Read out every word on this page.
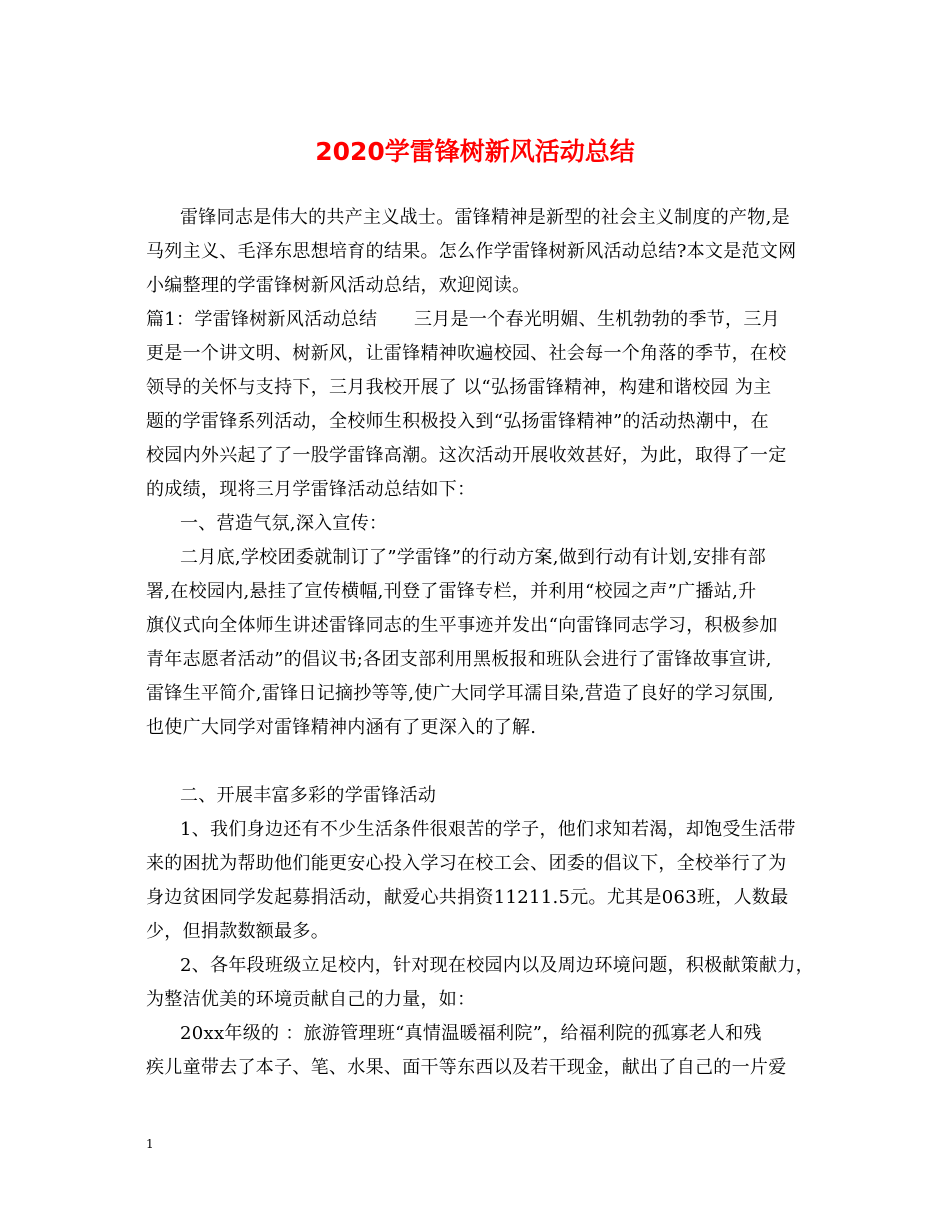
2020学雷锋树新风活动总结
雷锋同志是伟大的共产主义战士。雷锋精神是新型的社会主义制度的产物,是
马列主义、毛泽东思想培育的结果。怎么作学雷锋树新风活动总结?本文是范文网
小编整理的学雷锋树新风活动总结，欢迎阅读。
篇1：学雷锋树新风活动总结　　三月是一个春光明媚、生机勃勃的季节，三月
更是一个讲文明、树新风，让雷锋精神吹遍校园、社会每一个角落的季节，在校
领导的关怀与支持下，三月我校开展了 以“弘扬雷锋精神，构建和谐校园 为主
题的学雷锋系列活动，全校师生积极投入到“弘扬雷锋精神”的活动热潮中，在
校园内外兴起了了一股学雷锋高潮。这次活动开展收效甚好，为此，取得了一定
的成绩，现将三月学雷锋活动总结如下：
一、营造气氛,深入宣传：
二月底,学校团委就制订了”学雷锋”的行动方案,做到行动有计划,安排有部
署,在校园内,悬挂了宣传横幅,刊登了雷锋专栏，并利用“校园之声”广播站,升
旗仪式向全体师生讲述雷锋同志的生平事迹并发出“向雷锋同志学习，积极参加
青年志愿者活动”的倡议书;各团支部利用黑板报和班队会进行了雷锋故事宣讲,
雷锋生平简介,雷锋日记摘抄等等,使广大同学耳濡目染,营造了良好的学习氛围,
也使广大同学对雷锋精神内涵有了更深入的了解.
二、开展丰富多彩的学雷锋活动
1、我们身边还有不少生活条件很艰苦的学子，他们求知若渴，却饱受生活带
来的困扰为帮助他们能更安心投入学习在校工会、团委的倡议下，全校举行了为
身边贫困同学发起募捐活动，献爱心共捐资11211.5元。尤其是063班，人数最
少，但捐款数额最多。
2、各年段班级立足校内，针对现在校园内以及周边环境问题，积极献策献力，
为整洁优美的环境贡献自己的力量，如：
20xx年级的 ：旅游管理班“真情温暖福利院”，给福利院的孤寡老人和残
疾儿童带去了本子、笔、水果、面干等东西以及若干现金，献出了自己的一片爱
1
